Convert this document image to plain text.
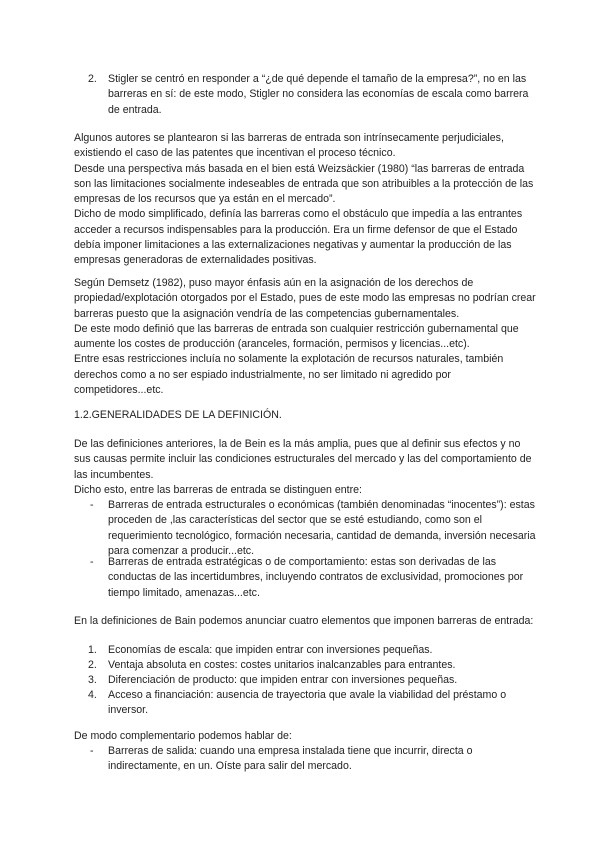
2. Stigler se centró en responder a “¿de qué depende el tamaño de la empresa?”, no en las barreras en sí: de este modo, Stigler no considera las economías de escala como barrera de entrada.
Algunos autores se plantearon si las barreras de entrada son intrínsecamente perjudiciales, existiendo el caso de las patentes que incentivan el proceso técnico.
Desde una perspectiva más basada en el bien está Weizsäckier (1980) “las barreras de entrada son las limitaciones socialmente indeseables de entrada que son atribuibles a la protección de las empresas de los recursos que ya están en el mercado”.
Dicho de modo simplificado, definía las barreras como el obstáculo que impedía a las entrantes acceder a recursos indispensables para la producción. Era un firme defensor de que el Estado debía imponer limitaciones a las externalizaciones negativas y aumentar la producción de las empresas generadoras de externalidades positivas.
Según Demsetz (1982), puso mayor énfasis aún en la asignación de los derechos de propiedad/explotación otorgados por el Estado, pues de este modo las empresas no podrían crear barreras puesto que la asignación vendría de las competencias gubernamentales.
De este modo definió que las barreras de entrada son cualquier restricción gubernamental que aumente los costes de producción (aranceles, formación, permisos y licencias...etc).
Entre esas restricciones incluía no solamente la explotación de recursos naturales, también derechos como a no ser espiado industrialmente, no ser limitado ni agredido por competidores...etc.
1.2.GENERALIDADES DE LA DEFINICIÓN.
De las definiciones anteriores, la de Bein es la más amplia, pues que al definir sus efectos y no sus causas permite incluir las condiciones estructurales del mercado y las del comportamiento de las incumbentes.
Dicho esto, entre las barreras de entrada se distinguen entre:
- Barreras de entrada estructurales o económicas (también denominadas “inocentes”): estas proceden de ,las características del sector que se esté estudiando, como son el requerimiento tecnológico, formación necesaria, cantidad de demanda, inversión necesaria para comenzar a producir...etc.
- Barreras de entrada estratégicas o de comportamiento: estas son derivadas de las conductas de las incertidumbres, incluyendo contratos de exclusividad, promociones por tiempo limitado, amenazas...etc.
En la definiciones de Bain podemos anunciar cuatro elementos que imponen barreras de entrada:
1. Economías de escala: que impiden entrar con inversiones pequeñas.
2. Ventaja absoluta en costes: costes unitarios inalcanzables para entrantes.
3. Diferenciación de producto: que impiden entrar con inversiones pequeñas.
4. Acceso a financiación: ausencia de trayectoria que avale la viabilidad del préstamo o inversor.
De modo complementario podemos hablar de:
- Barreras de salida: cuando una empresa instalada tiene que incurrir, directa o indirectamente, en un. Oíste para salir del mercado.
